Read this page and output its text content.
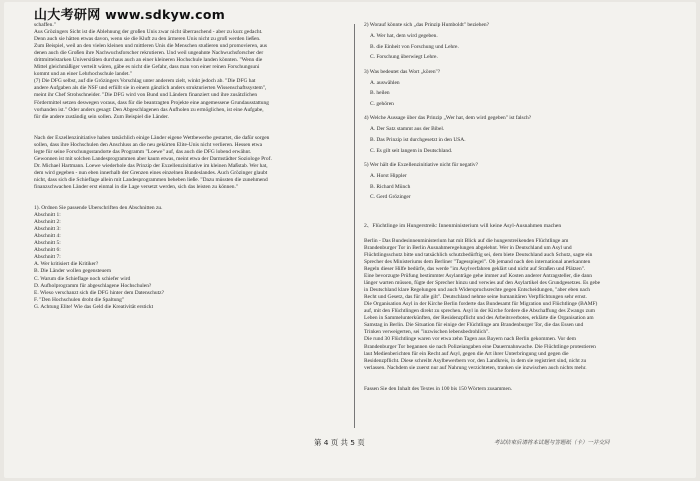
山大考研网 www.sdkyw.com
schaffen."
Aus Grözingers Sicht ist die Ablehnung der großen Unis zwar nicht überraschend - aber zu kurz gedacht.
Denn auch sie hätten etwas davon, wenn sie die Kluft zu den ärmeren Unis nicht zu groß werden ließen.
Zum Beispiel, weil an den vielen kleinen und mittleren Unis die Menschen studieren und promovieren, aus
denen auch die Großen ihre Nachwuchsforscher rekrutieren. Und weil ungeahnte Nachwuchsforscher der
drittmittelstarken Universitäten durchaus auch an einer kleineren Hochschule landen könnten. "Wenn die
Mittel gleichmäßiger verteilt wären, gäbe es nicht die Gefahr, dass man von einer reinen Forschungsuni
kommt und an einer Lehrhochschule landet."
(7) Die DFG selbst, auf die Grözingers Vorschlag unter anderem zielt, winkt jedoch ab. "Die DFG hat
andere Aufgaben als die NSF und erfüllt sie in einem gänzlich anders strukturierten Wissenschaftssystem",
meint ihr Chef Strohschneider. "Die DFG wird von Bund und Ländern finanziert und ihre zusätzlichen
Fördermittel setzen deswegen voraus, dass für die beantragten Projekte eine angemessene Grundausstattung
vorhanden ist." Oder anders gesagt: Den Abgeschlagenen das Aufholen zu ermöglichen, ist eine Aufgabe,
für die andere zuständig sein sollen. Zum Beispiel die Länder.
Nach der Exzellenzinitiative haben tatsächlich einige Länder eigene Wettbewerbe gestartet, die dafür sorgen
sollen, dass ihre Hochschulen den Anschluss an die neu gekürten Elite-Unis nicht verlieren. Hessen etwa
legte für seine Forschungsstandorte das Programm "Loewe" auf, das auch die DFG lobend erwähnt.
Gewonnen ist mit solchen Landesprogrammen aber kaum etwas, meint etwa der Darmstädter Soziologe Prof.
Dr. Michael Hartmann. Loewe wiederhole das Prinzip der Exzellenzinitiative im kleinen Maßstab. Wer hat,
dem wird gegeben - nun eben innerhalb der Grenzen eines einzelnen Bundeslandes. Auch Grözinger glaubt
nicht, dass sich die Schieflage allein mit Landesprogrammen beheben ließe. "Dazu müssten die zunehmend
finanzschwachen Länder erst einmal in die Lage versetzt werden, sich das leisten zu können."
1). Ordnen Sie passende Überschriften den Abschnitten zu.
Abschnitt 1:
Abschnitt 2:
Abschnitt 3:
Abschnitt 4:
Abschnitt 5:
Abschnitt 6:
Abschnitt 7:
A. Wer kritisiert die Kritiker?
B. Die Länder wollen gegensteuern
C. Warum die Schieflage noch schiefer wird
D. Aufholprogramm für abgeschlagene Hochschulen?
E. Wieso verschanzt sich die DFG hinter dem Datenschutz?
F. "Den Hochschulen droht die Spaltung"
G. Achtung Elite! Wie das Geld die Kreativität erstickt
2) Worauf könnte sich „das Prinzip Humboldt" beziehen?
A. Wer hat, dem wird gegeben.
B. die Einheit von Forschung und Lehre.
C. Forschung überwiegt Lehre.
3) Was bedeutet das Wort „kören"?
A. auswählen
B. heilen
C. gehören
4) Welche Aussage über das Prinzip „Wer hat, dem wird gegeben" ist falsch?
A. Der Satz stammt aus der Bibel.
B. Das Prinzip ist durchgesetzt in den USA.
C. Es gilt seit langem in Deutschland.
5) Wer hält die Exzellenzinitiative nicht für negativ?
A. Horst Hippler
B. Richard Münch
C. Gerd Grözinger
2、Flüchtlinge im Hungerstreik: Innenministerium will keine Asyl-Ausnahmen machen
Berlin - Das Bundesinnenministerium hat mit Blick auf die hungerstreikenden Flüchtlinge am
Brandenburger Tor in Berlin Ausnahmeregelungen abgelehnt. Wer in Deutschland um Asyl und
Flüchtlingsschutz bitte und tatsächlich schutzbedürftig sei, dem biete Deutschland auch Schutz, sagte ein
Sprecher des Ministeriums dem Berliner "Tagesspiegel". Ob jemand nach den international anerkannten
Regeln dieser Hilfe bedürfe, das werde "im Asylverfahren geklärt und nicht auf Straßen und Plätzen".
Eine bevorzugte Prüfung bestimmter Asylanträge gehe immer auf Kosten anderer Antragsteller, die dann
länger warten müssen, fügte der Sprecher hinzu und verwies auf den Asylartikel des Grundgesetzes. Es gebe
in Deutschland klare Regelungen und auch Widerspruchsrechte gegen Entscheidungen, "aber eben nach
Recht und Gesetz, das für alle gilt". Deutschland nehme seine humanitären Verpflichtungen sehr ernst.
Die Organisation Asyl in der Kirche Berlin forderte das Bundesamt für Migration und Flüchtlinge (BAMF)
auf, mit den Flüchtlingen direkt zu sprechen. Asyl in der Kirche fordere die Abschaffung des Zwangs zum
Leben in Sammelunterkünften, der Residenzpflicht und des Arbeitsverbotes, erklärte die Organisation am
Samstag in Berlin. Die Situation für einige der Flüchtlinge am Brandenburger Tor, die das Essen und
Trinken verweigerten, sei "inzwischen lebensbedrohlich".
Die rund 30 Flüchtlinge waren vor etwa zehn Tagen aus Bayern nach Berlin gekommen. Vor dem
Brandenburger Tor begannen sie nach Polizeiangaben eine Dauermahnwache. Die Flüchtlinge protestieren
laut Medienberichten für ein Recht auf Asyl, gegen die Art ihrer Unterbringung und gegen die
Residenzpflicht. Diese schreibt Asylbewerbern vor, den Landkreis, in dem sie registriert sind, nicht zu
verlassen. Nachdem sie zuerst nur auf Nahrung verzichteten, tranken sie inzwischen auch nichts mehr.
Fassen Sie den Inhalt des Textes in 100 bis 150 Wörtern zusammen.
第 4 页 共 5 页	考试结束后请将本试题与答题纸（卡）一并交回
